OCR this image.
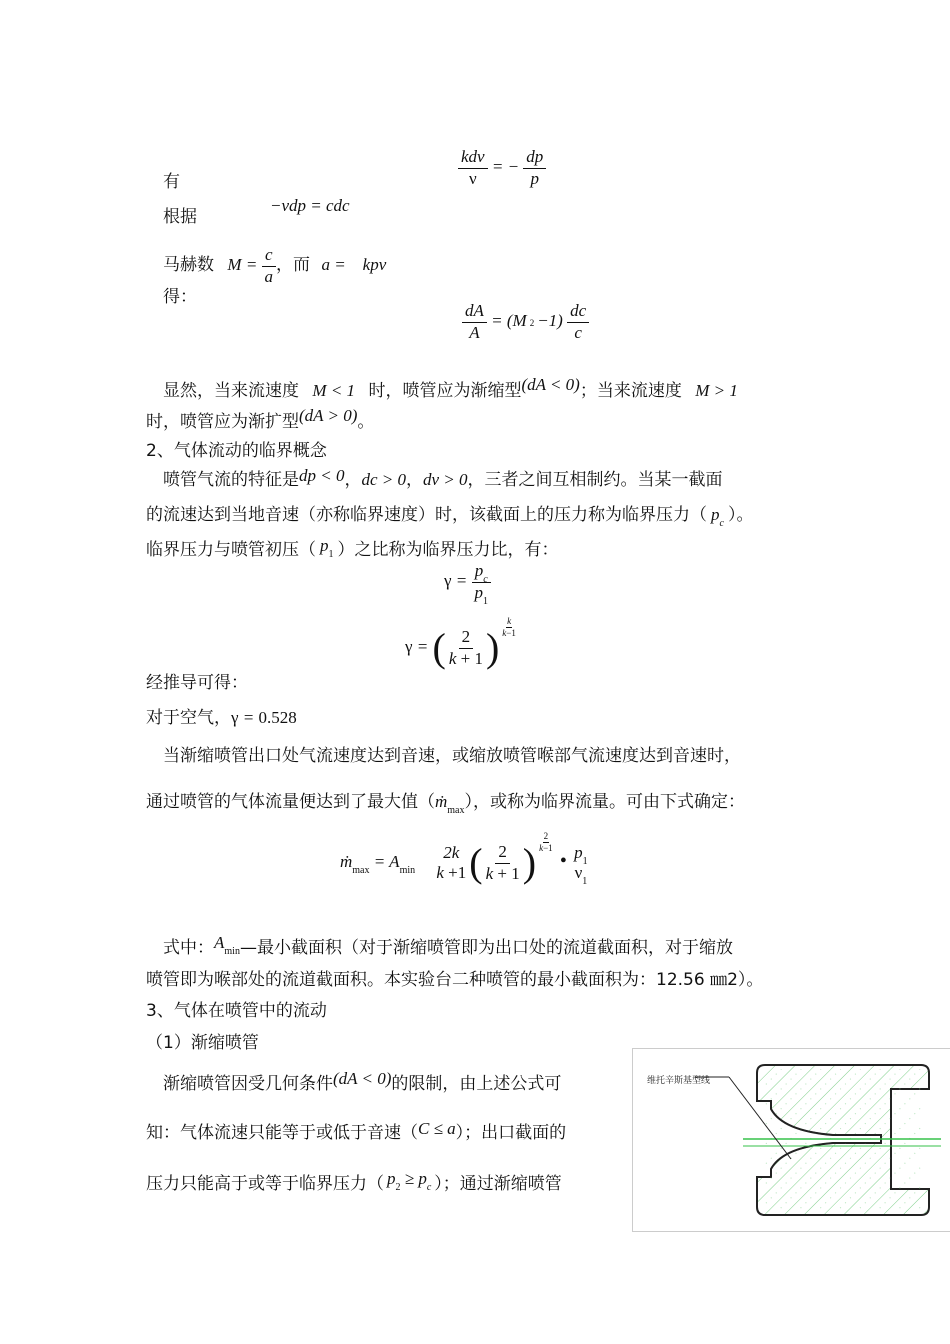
有	$\frac{\text{kdν}}{\nu}$ = − $\frac{dp}{p}$
根据
−νdp = cdc
马赫数 $M = \frac{c}{a}$ ，而 a =    kpν
得：
$\frac{dA}{A} = (M$ $2 -1) \frac{dc}{c}$
显然，当来流速度 M < 1 时，喷管应为渐缩型(dA < 0)；当来流速度 M > 1
时，喷管应为渐扩型(dA > 0)。
2、气体流动的临界概念
喷管气流的特征是dp < 0，dc > 0，dν > 0，三者之间互相制约。当某一截面
的流速达到当地音速（亦称临界速度）时，该截面上的压力称为临界压力（ $p_c$ ）。
临界压力与喷管初压（ $p_1$ ）之比称为临界压力比，有：
$\gamma = \frac{p_c}{p_1}$
γ = ( $\frac{2}{k + 1}$ ) $\frac{k}{k-1}$
经推导可得：
对于空气，γ = 0.528
当渐缩喷管出口处气流速度达到音速，或缩放喷管喉部气流速度达到音速时，
通过喷管的气体流量便达到了最大值（ṁ$_{max}$），或称为临界流量。可由下式确定：
ṁ$_{max}$ = $A_{min}$
2k
k +1 ( $\frac{2}{k + 1}$ ) $\frac{2}{k-1}$
• $p_1$
$\nu_1$
式中：$A_{min}—$最小截面积（对于渐缩喷管即为出口处的流道截面积，对于缩放
喷管即为喉部处的流道截面积。本实验台二种喷管的最小截面积为：12.56 ㎜2）。
3、气体在喷管中的流动
（1）渐缩喷管
渐缩喷管因受几何条件(dA < 0)的限制，由上述公式可
知：气体流速只能等于或低于音速（C ≤ a）；出口截面的
压力只能高于或等于临界压力（ $p_2 \ge p_c$ ）；通过渐缩喷管
维托辛斯基型线
